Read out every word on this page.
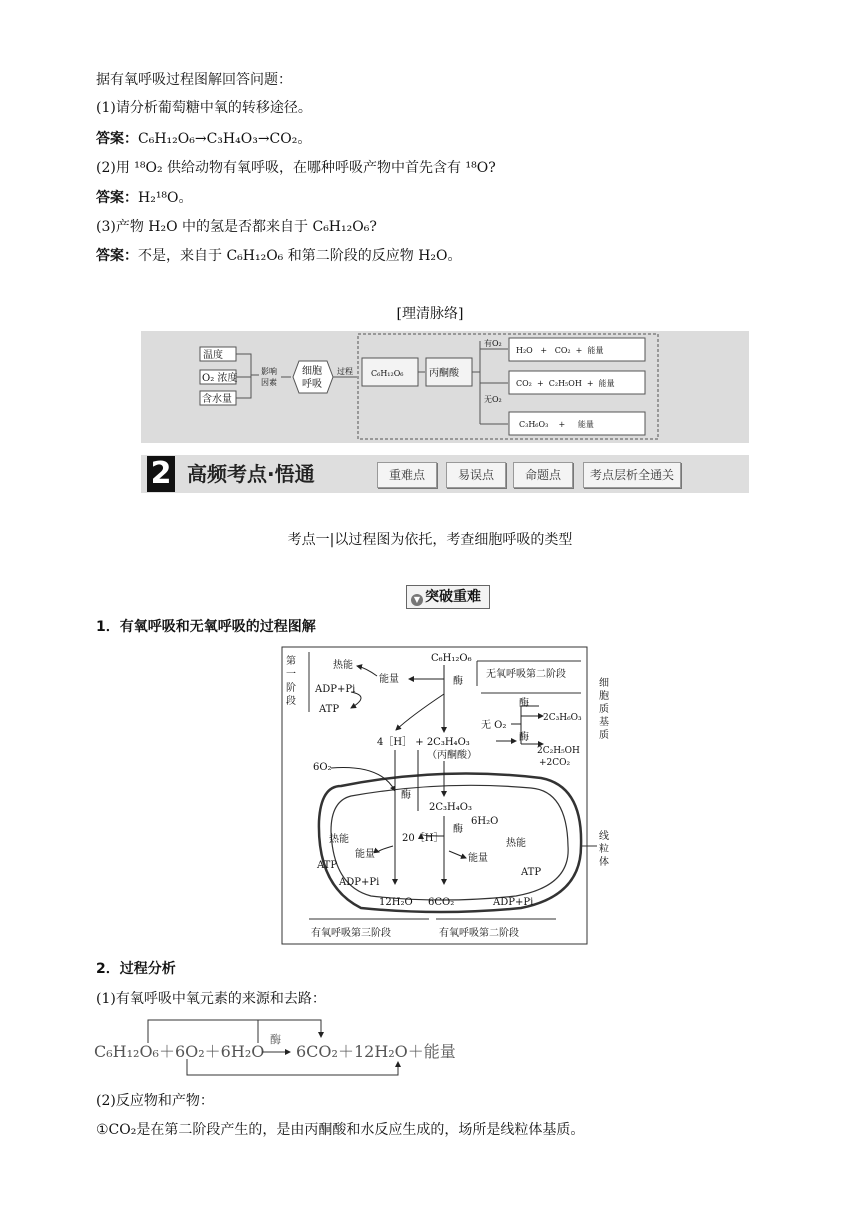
据有氧呼吸过程图解回答问题：
(1)请分析葡萄糖中氧的转移途径。
答案：C₆H₁₂O₆→C₃H₄O₃→CO₂。
(2)用 ¹⁸O₂ 供给动物有氧呼吸，在哪种呼吸产物中首先含有 ¹⁸O?
答案：H₂¹⁸O。
(3)产物 H₂O 中的氢是否都来自于 C₆H₁₂O₆?
答案：不是，来自于 C₆H₁₂O₆ 和第二阶段的反应物 H₂O。
[理清脉络]
温度
O₂ 浓度
含水量
影响
因素
细胞
呼吸
过程 C₆H₁₂O₆	丙酮酸
有O₂
无O₂
H₂O   +   CO₂  +  能量
CO₂  +  C₂H₅OH  +  能量
C₃H₆O₃    +     能量
2 高频考点·悟通	重难点	易误点	命题点	考点层析全通关
考点一|以过程图为依托，考查细胞呼吸的类型
▼ 突破重难
1．有氧呼吸和无氧呼吸的过程图解
第
一
阶
段
热能
能量
ADP+Pi
ATP
C₆H₁₂O₆
酶
无氧呼吸第二阶段
无 O₂
酶
酶
2C₃H₆O₃
2C₂H₅OH
+2CO₂
细
胞
质
基
质
4［H］ + 2C₃H₄O₃
（丙酮酸）
6O₂
酶
2C₃H₄O₃
酶
6H₂O
20［H］
热能
能量
ATP
ADP+Pi
12H₂O 6CO₂
能量
热能
ATP
ADP+Pi
线
粒
体
有氧呼吸第三阶段	有氧呼吸第二阶段
2．过程分析
(1)有氧呼吸中氧元素的来源和去路：
C₆H₁₂O₆＋6O₂＋6H₂O
酶
6CO₂＋12H₂O＋能量
(2)反应物和产物：
①CO₂是在第二阶段产生的，是由丙酮酸和水反应生成的，场所是线粒体基质。
